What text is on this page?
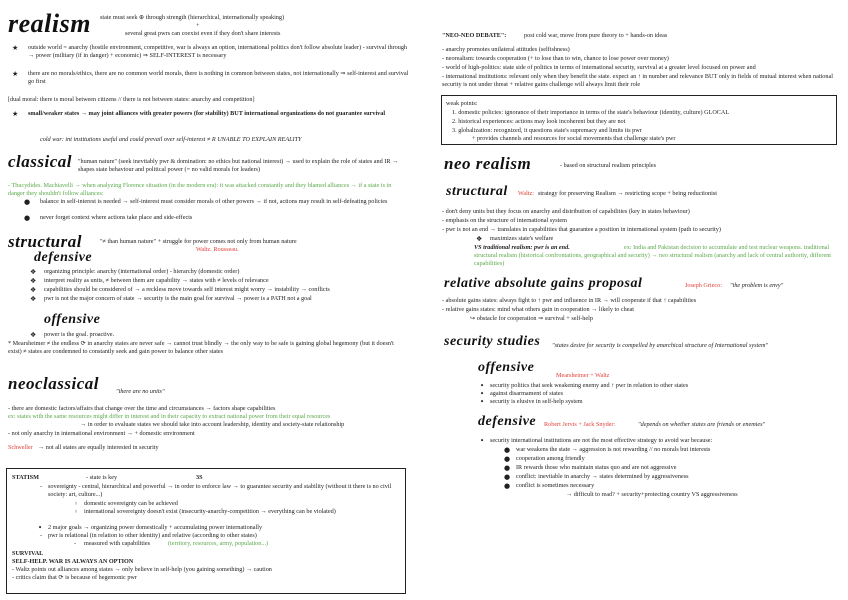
realism state must seek ⊕ through strength (hierarchical, internationally speaking)
+
several great pwrs can coexist even if they don't share interests
★ outside world = anarchy (hostile environment, competitive, war is always an option, international politics don't follow absolute leader) - survival through → power (military (if in danger) + economic) ⇒ SELF-INTEREST is necessary
★ there are no morals/ethics, there are no common world morals, there is nothing in common between states, not internationally ⇒ self-interest and survival go first
[dual moral: there is moral between citizens // there is not between states: anarchy and competition]
★ small/weaker states → may joint alliances with greater powers (for stability) BUT international organizations do not guarantee survival
cold war: int institutions useful and could prevail over self-interest ≠ R UNABLE TO EXPLAIN REALITY
classical "human nature" (seek inevitably pwr & domination: no ethics but national interest) → used to explain the role of states and IR → shapes state behaviour and political power (= no valid morals for leaders)
- Thucydides. Machiavelli → when analyzing Florence situation (in the modern era): it was attacked constantly and they blamed alliances → if a state is in danger they shouldn't follow alliances:
● balance in self-interest is needed → self-interest must consider morals of other powers → if not, actions may result in self-defeating policies
● never forget context where actions take place and side-effects
structural
defensive
"≠ than human nature" + struggle for power comes not only from human nature
Waltz. Rousseau.
❖ organizing principle: anarchy (international order) - hierarchy (domestic order)
❖ interpret reality as units, ≠ between them are capability → states with ≠ levels of relevance
❖ capabilities should be considered of → a reckless move towards self interest might worry → instability → conflicts
❖ pwr is not the major concern of state → security is the main goal for survival → power is a PATH not a goal
offensive
❖ power is the goal. proactive.
* Mearsheimer ≠ the endless ⟳ in anarchy states are never safe → cannot trust blindly → the only way to be safe is gaining global hegemony (but it doesn't exist) ≠ states are condemned to constantly seek and gain power to balance other states
neoclassical	"there are no units"
- there are domestic factors/affairs that change over the time and circumstances → factors shape capabilities
ex: states with the same resources might differ in interest and in their capacity to extract national power from their equal resources
→ in order to evaluate states we should take into account leadership, identity and society-state relationship
- not only anarchy in international environment → + domestic environment
Schweller → not all states are equally interested in security
STATISM	- state is key	3S
- sovereignty - central, hierarchical and powerful → in order to enforce law → to guarantee security and stability (without it there is no civil society: art, culture...)
◦ domestic sovereignty can be achieved
◦ international sovereignty doesn't exist (insecurity-anarchy-competition → everything can be violated)
• 2 major goals → organizing power domestically + accumulating power internationally
- pwr is relational (in relation to other identity) and relative (according to other states)
- measured with capabilities	(territory, resources, army, population...)
SURVIVAL
SELF-HELP. WAR IS ALWAYS AN OPTION
- Waltz points out alliances among states → only believe in self-help (you gaining something) → caution
- critics claim that ⟳ is because of hegemonic pwr
"NEO-NEO DEBATE":	post cold war, move from pure theory to + hands-on ideas
- anarchy promotes unilateral attitudes (selfishness)
- neorealism: towards cooperation (+ to lose than to win, chance to lose power over money)
- world of high-politics: state side of politics in terms of international security, survival at a greater level focused on power and
- international institutions: relevant only when they benefit the state. expect an ↑ in number and relevance BUT only in fields of mutual interest when national security is not under threat + relative gains challenge will always limit their role
weak points:
1. domestic policies: ignorance of their importance in terms of the state's behaviour (identity, culture) GLOCAL
2. historical experiences: actions may look incoherent but they are not
3. globalization: recognized, it questions state's supremacy and limits its pwr
+ provides channels and resources for social movements that challenge state's pwr
neo realism	- based on structural realism principles
structural Waltz: strategy for preserving Realism → restricting scope + being reductionist
- don't deny units but they focus on anarchy and distribution of capabilities (key in states behaviour)
- emphasis on the structure of international system
- pwr is not an end → translates in capabilities that guarantee a position in international system (path to security)
❖ maximizes state's welfare
VS traditional realism: pwr is an end.	ex: India and Pakistan decision to accumulate and test nuclear weapons. traditional structural realism (historical confrontations, geographical and security) → neo structural realism (anarchy and lack of central authority, different capabilities)
relative absolute gains proposal	Joseph Grieco: "the problem is envy"
- absolute gains states: always fight to ↑ pwr and influence in IR → will cooperate if that ↑ capabilities
- relative gains states: mind what others gain in cooperation → likely to cheat
↪ obstacle for cooperation ⇒ survival + self-help
security studies "states desire for security is compelled by anarchical structure of International system"
offensive
Mearsheimer + Waltz
• security politics that seek weakening enemy and ↑ pwr in relation to other states
• against disarmament of states
• security is elusive in self-help system
defensive Robert Jervis + Jack Snyder:	"depends on whether states are friends or enemies"
• security international institutions are not the most effective strategy to avoid war because:
● war weakens the state → aggression is not rewarding // no morals but interests
● cooperation among friendly
● IR rewards those who maintain status quo and are not aggressive
● conflict: inevitable in anarchy → states determined by aggressiveness
● conflict is sometimes necessary
→ difficult to read? + security+protecting country VS aggressiveness
